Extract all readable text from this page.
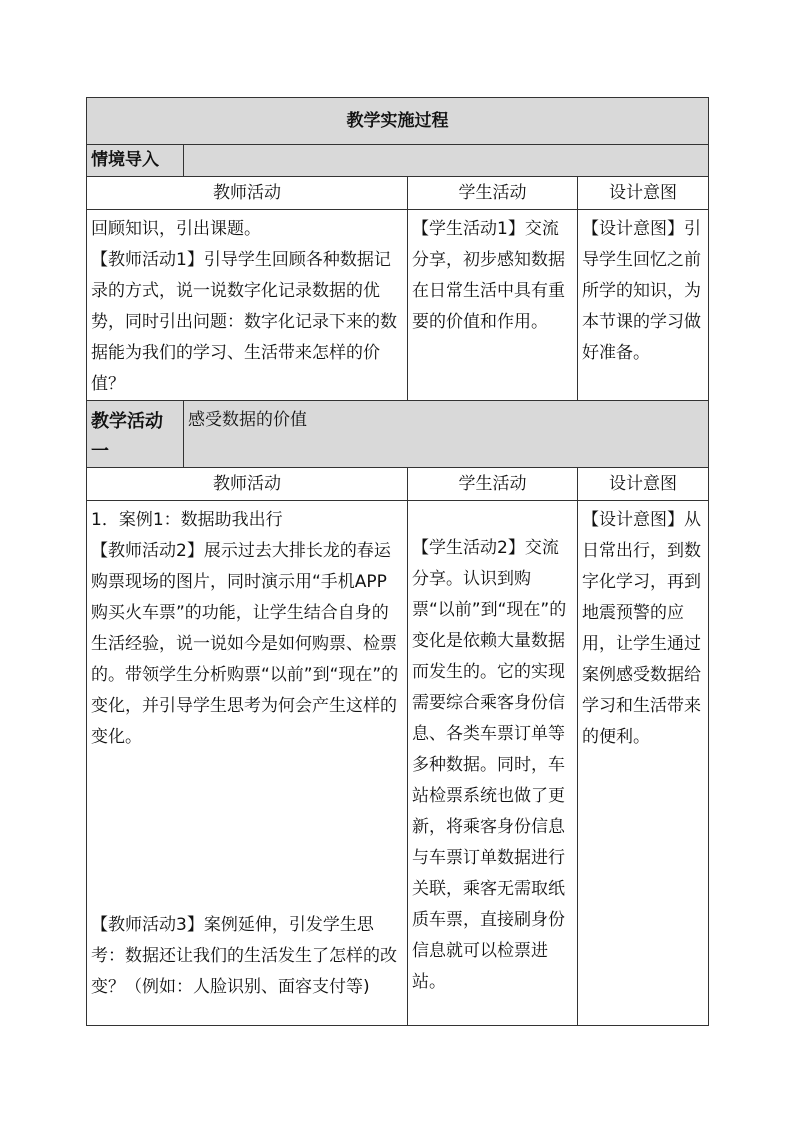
教学实施过程			
情境导入			
教师活动		学生活动	设计意图

回顾知识，引出课题。

【教师活动1】引导学生回顾各种数据记录的方式，说一说数字化记录数据的优势，同时引出问题：数字化记录下来的数据能为我们的学习、生活带来怎样的价值？		【学生活动1】交流分享，初步感知数据在日常生活中具有重要的价值和作用。	【设计意图】引导学生回忆之前所学的知识，为本节课的学习做好准备。

教学活动一	感受数据的价值		
教师活动		学生活动	设计意图

1．案例1：数据助我出行

【教师活动2】展示过去大排长龙的春运购票现场的图片，同时演示用“手机APP购买火车票”的功能，让学生结合自身的生活经验，说一说如今是如何购票、检票的。带领学生分析购票“以前”到“现在”的变化，并引导学生思考为何会产生这样的变化。

【教师活动3】案例延伸，引发学生思考：数据还让我们的生活发生了怎样的改变？（例如：人脸识别、面容支付等)		【学生活动2】交流分享。认识到购票“以前”到“现在”的变化是依赖大量数据而发生的。它的实现需要综合乘客身份信息、各类车票订单等多种数据。同时，车站检票系统也做了更新，将乘客身份信息与车票订单数据进行关联，乘客无需取纸质车票，直接刷身份信息就可以检票进站。	【设计意图】从日常出行，到数字化学习，再到地震预警的应用，让学生通过案例感受数据给学习和生活带来的便利。
